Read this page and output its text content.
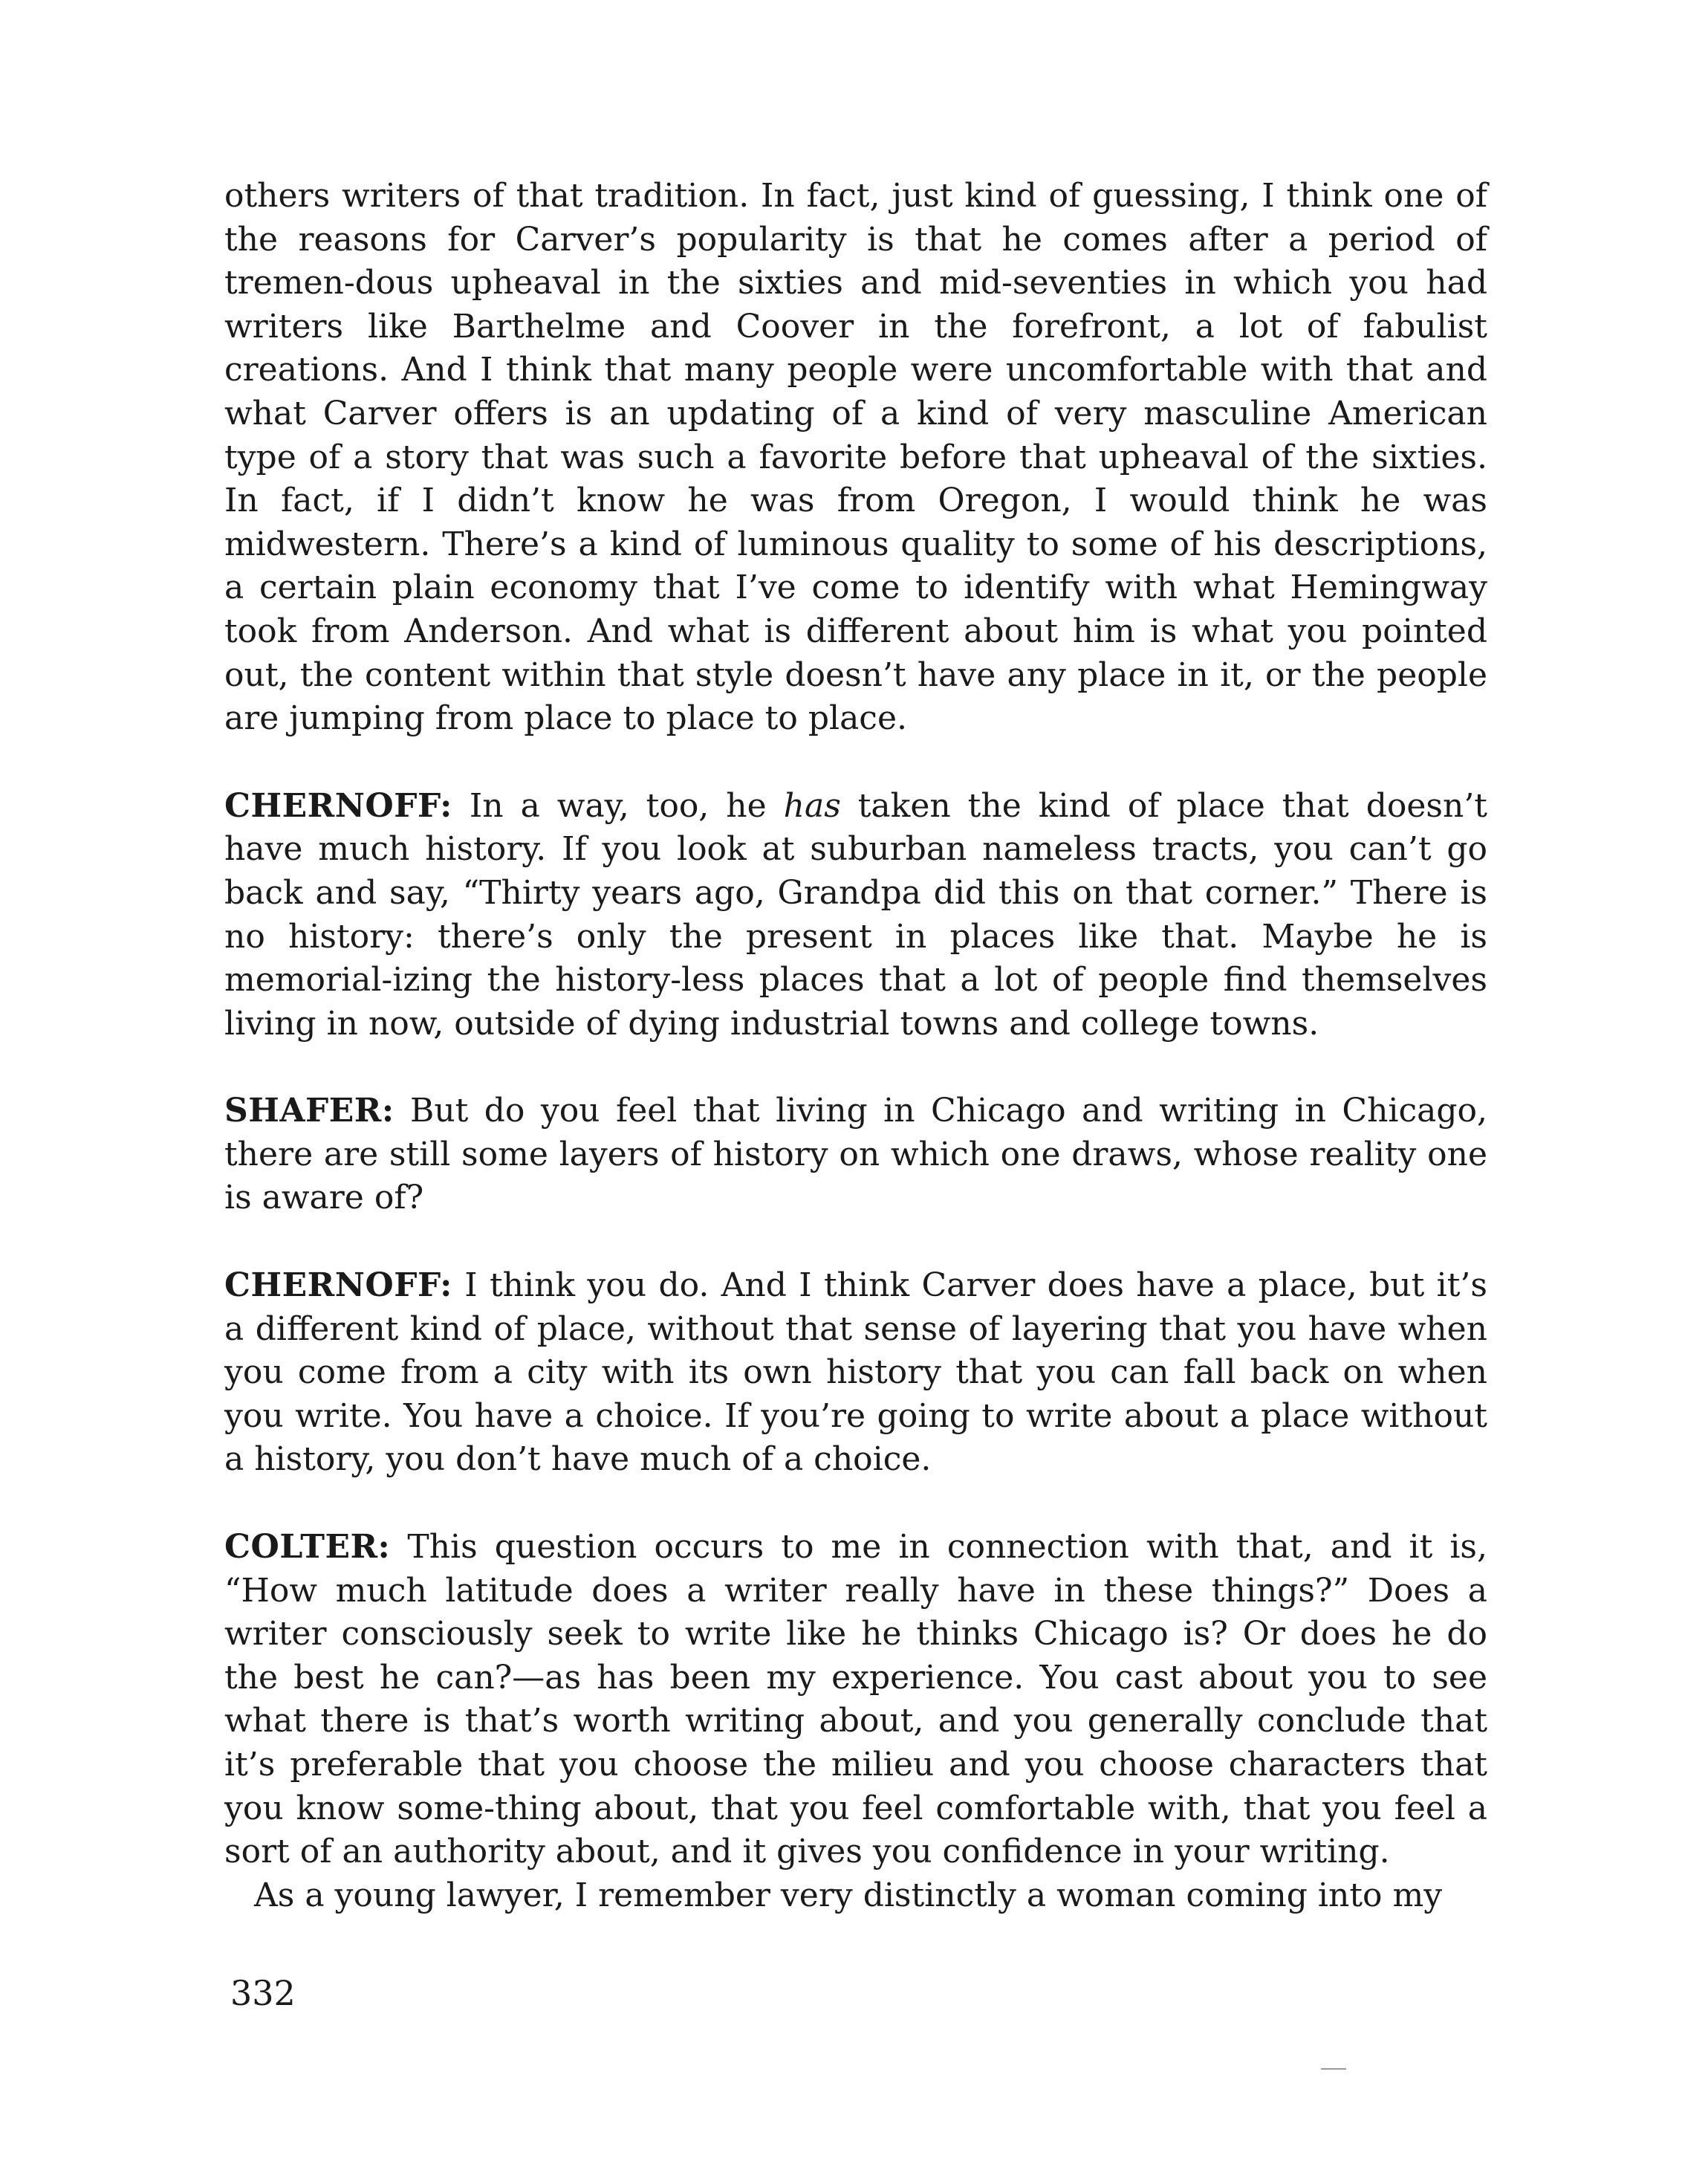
others writers of that tradition. In fact, just kind of guessing, I think one of the reasons for Carver’s popularity is that he comes after a period of tremen-dous upheaval in the sixties and mid-seventies in which you had writers like Barthelme and Coover in the forefront, a lot of fabulist creations. And I think that many people were uncomfortable with that and what Carver offers is an updating of a kind of very masculine American type of a story that was such a favorite before that upheaval of the sixties. In fact, if I didn’t know he was from Oregon, I would think he was midwestern. There’s a kind of luminous quality to some of his descriptions, a certain plain economy that I’ve come to identify with what Hemingway took from Anderson. And what is different about him is what you pointed out, the content within that style doesn’t have any place in it, or the people are jumping from place to place to place.

CHERNOFF: In a way, too, he has taken the kind of place that doesn’t have much history. If you look at suburban nameless tracts, you can’t go back and say, “Thirty years ago, Grandpa did this on that corner.” There is no history: there’s only the present in places like that. Maybe he is memorial-izing the history-less places that a lot of people find themselves living in now, outside of dying industrial towns and college towns.

SHAFER: But do you feel that living in Chicago and writing in Chicago, there are still some layers of history on which one draws, whose reality one is aware of?

CHERNOFF: I think you do. And I think Carver does have a place, but it’s a different kind of place, without that sense of layering that you have when you come from a city with its own history that you can fall back on when you write. You have a choice. If you’re going to write about a place without a history, you don’t have much of a choice.

COLTER: This question occurs to me in connection with that, and it is, “How much latitude does a writer really have in these things?” Does a writer consciously seek to write like he thinks Chicago is? Or does he do the best he can?—as has been my experience. You cast about you to see what there is that’s worth writing about, and you generally conclude that it’s preferable that you choose the milieu and you choose characters that you know some-thing about, that you feel comfortable with, that you feel a sort of an authority about, and it gives you confidence in your writing.

As a young lawyer, I remember very distinctly a woman coming into my

332
